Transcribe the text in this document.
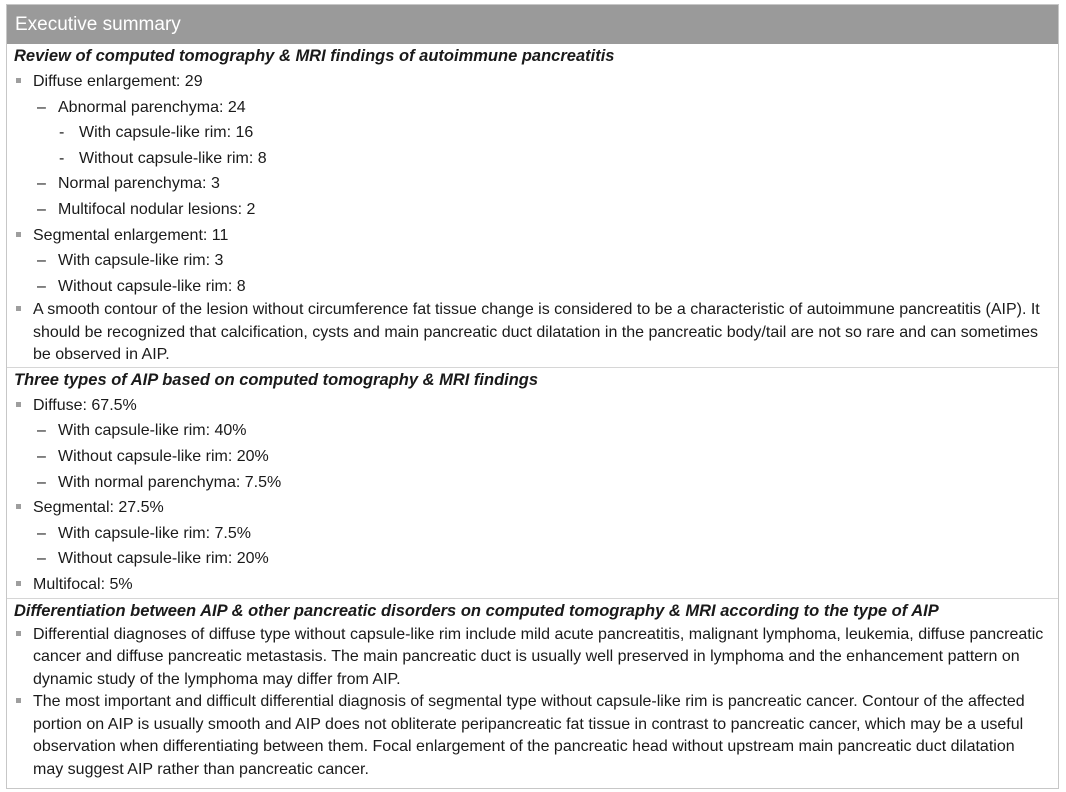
Executive summary
Review of computed tomography & MRI findings of autoimmune pancreatitis
Diffuse enlargement: 29
– Abnormal parenchyma: 24
- With capsule-like rim: 16
- Without capsule-like rim: 8
– Normal parenchyma: 3
– Multifocal nodular lesions: 2
Segmental enlargement: 11
– With capsule-like rim: 3
– Without capsule-like rim: 8
A smooth contour of the lesion without circumference fat tissue change is considered to be a characteristic of autoimmune pancreatitis (AIP). It should be recognized that calcification, cysts and main pancreatic duct dilatation in the pancreatic body/tail are not so rare and can sometimes be observed in AIP.
Three types of AIP based on computed tomography & MRI findings
Diffuse: 67.5%
– With capsule-like rim: 40%
– Without capsule-like rim: 20%
– With normal parenchyma: 7.5%
Segmental: 27.5%
– With capsule-like rim: 7.5%
– Without capsule-like rim: 20%
Multifocal: 5%
Differentiation between AIP & other pancreatic disorders on computed tomography & MRI according to the type of AIP
Differential diagnoses of diffuse type without capsule-like rim include mild acute pancreatitis, malignant lymphoma, leukemia, diffuse pancreatic cancer and diffuse pancreatic metastasis. The main pancreatic duct is usually well preserved in lymphoma and the enhancement pattern on dynamic study of the lymphoma may differ from AIP.
The most important and difficult differential diagnosis of segmental type without capsule-like rim is pancreatic cancer. Contour of the affected portion on AIP is usually smooth and AIP does not obliterate peripancreatic fat tissue in contrast to pancreatic cancer, which may be a useful observation when differentiating between them. Focal enlargement of the pancreatic head without upstream main pancreatic duct dilatation may suggest AIP rather than pancreatic cancer.
